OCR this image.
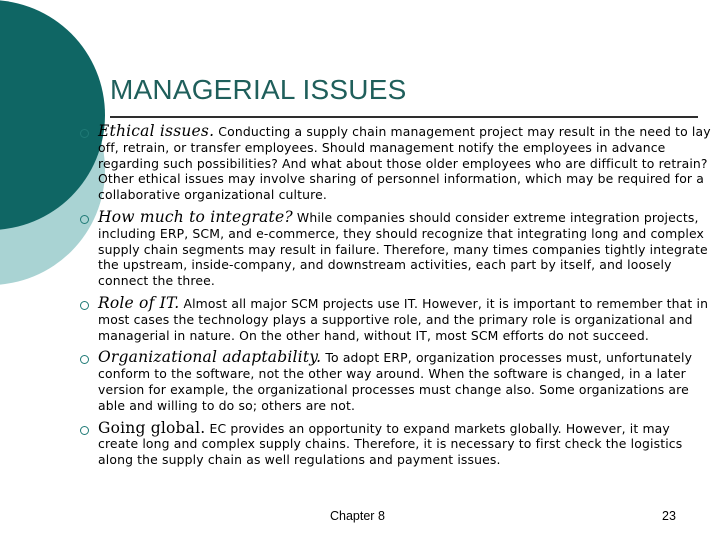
MANAGERIAL ISSUES
Ethical issues. Conducting a supply chain management project may result in the need to lay off, retrain, or transfer employees. Should management notify the employees in advance regarding such possibilities? And what about those older employees who are difficult to retrain? Other ethical issues may involve sharing of personnel information, which may be required for a collaborative organizational culture.
How much to integrate? While companies should consider extreme integration projects, including ERP, SCM, and e-commerce, they should recognize that integrating long and complex supply chain segments may result in failure. Therefore, many times companies tightly integrate the upstream, inside-company, and downstream activities, each part by itself, and loosely connect the three.
Role of IT. Almost all major SCM projects use IT. However, it is important to remember that in most cases the technology plays a supportive role, and the primary role is organizational and managerial in nature. On the other hand, without IT, most SCM efforts do not succeed.
Organizational adaptability. To adopt ERP, organization processes must, unfortunately conform to the software, not the other way around. When the software is changed, in a later version for example, the organizational processes must change also. Some organizations are able and willing to do so; others are not.
Going global. EC provides an opportunity to expand markets globally. However, it may create long and complex supply chains. Therefore, it is necessary to first check the logistics along the supply chain as well regulations and payment issues.
Chapter 8	23
